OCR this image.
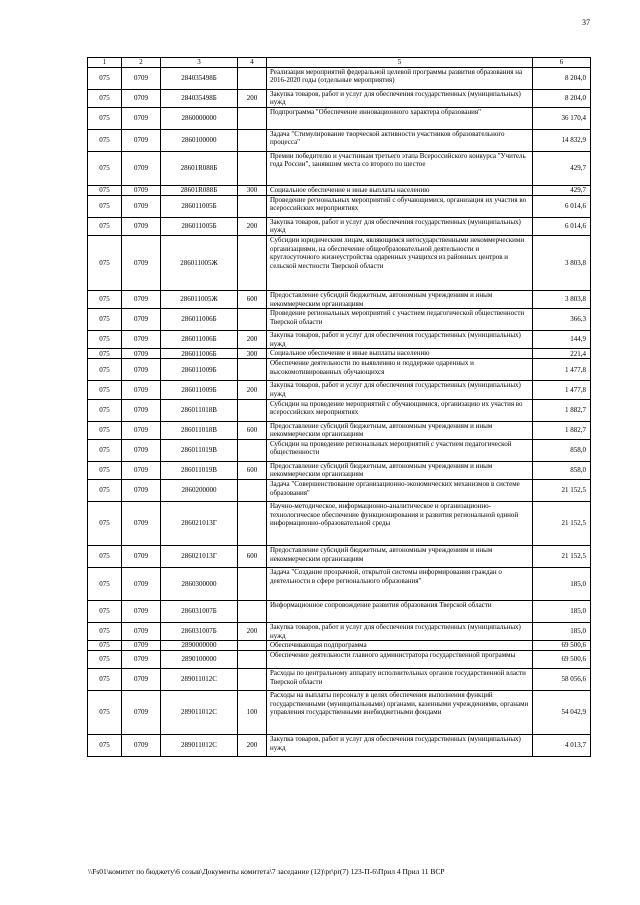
37
1	2	3	4	5	6
075	0709	284035498Б		Реализация мероприятий федеральной целевой программы развития образования на 2016-2020 годы (отдельные мероприятия)	8 204,0
075	0709	284035498Б	200	Закупка товаров, работ и услуг для обеспечения государственных (муниципальных) нужд	8 204,0
075	0709	2860000000		Подпрограмма "Обеспечение инновационного характера образования"	36 170,4
075	0709	2860100000		Задача "Стимулирование творческой активности участников образовательного процесса"	14 832,9
075	0709	28601R088Б		Премии победителю и участникам третьего этапа Всероссийского конкурса "Учитель года России", занявшим места со второго по шестое	429,7
075	0709	28601R088Б	300	Социальное обеспечение и иные выплаты населению	429,7
075	0709	286011005Б		Проведение региональных мероприятий с обучающимися, организация их участия во всероссийских мероприятиях	6 014,6
075	0709	286011005Б	200	Закупка товаров, работ и услуг для обеспечения государственных (муниципальных) нужд	6 014,6
075	0709	286011005Ж		Субсидии юридическим лицам, являющимся негосударственными некоммерческими организациями, на обеспечение общеобразовательной деятельности и круглосуточного жизнеустройства одаренных учащихся из районных центров и сельской местности Тверской области	3 803,8
075	0709	286011005Ж	600	Предоставление субсидий бюджетным, автономным учреждениям и иным некоммерческим организациям	3 803,8
075	0709	286011006Б		Проведение региональных мероприятий с участием педагогической общественности Тверской области	366,3
075	0709	286011006Б	200	Закупка товаров, работ и услуг для обеспечения государственных (муниципальных) нужд	144,9
075	0709	286011006Б	300	Социальное обеспечение и иные выплаты населению	221,4
075	0709	286011009Б		Обеспечение деятельности по выявлению и поддержке одаренных и высокомотивированных обучающихся	1 477,8
075	0709	286011009Б	200	Закупка товаров, работ и услуг для обеспечения государственных (муниципальных) нужд	1 477,8
075	0709	286011018В		Субсидии на проведение мероприятий с обучающимися, организацию их участия во всероссийских мероприятиях	1 882,7
075	0709	286011018В	600	Предоставление субсидий бюджетным, автономным учреждениям и иным некоммерческим организациям	1 882,7
075	0709	286011019В		Субсидии на проведение региональных мероприятий с участием педагогической общественности	858,0
075	0709	286011019В	600	Предоставление субсидий бюджетным, автономным учреждениям и иным некоммерческим организациям	858,0
075	0709	2860200000		Задача "Совершенствование организационно-экономических механизмов в системе образования"	21 152,5
075	0709	286021013Г		Научно-методическое, информационно-аналитическое и организационно-технологическое обеспечение функционирования и развития региональной единой информационно-образовательной среды	21 152,5
075	0709	286021013Г	600	Предоставление субсидий бюджетным, автономным учреждениям и иным некоммерческим организациям	21 152,5
075	0709	2860300000		Задача "Создание прозрачной, открытой системы информирования граждан о деятельности в сфере регионального образования"	185,0
075	0709	286031007Б		Информационное сопровождение развития образования Тверской области	185,0
075	0709	286031007Б	200	Закупка товаров, работ и услуг для обеспечения государственных (муниципальных) нужд	185,0
075	0709	2890000000		Обеспечивающая подпрограмма	69 500,6
075	0709	2890100000		Обеспечение деятельности главного администратора государственной программы	69 500,6
075	0709	289011012С		Расходы по центральному аппарату исполнительных органов государственной власти Тверской области	58 056,6
075	0709	289011012С	100	Расходы на выплаты персоналу в целях обеспечения выполнения функций государственными (муниципальными) органами, казенными учреждениями, органами управления государственными внебюджетными фондами	54 042,9
075	0709	289011012С	200	Закупка товаров, работ и услуг для обеспечения государственных (муниципальных) нужд	4 013,7
\\Fs01\комитет по бюджету\6 созыв\Документы комитета\7 заседание (12)\pr\pr(7) 123-П-6\Прил 4 Прил 11 ВСР
